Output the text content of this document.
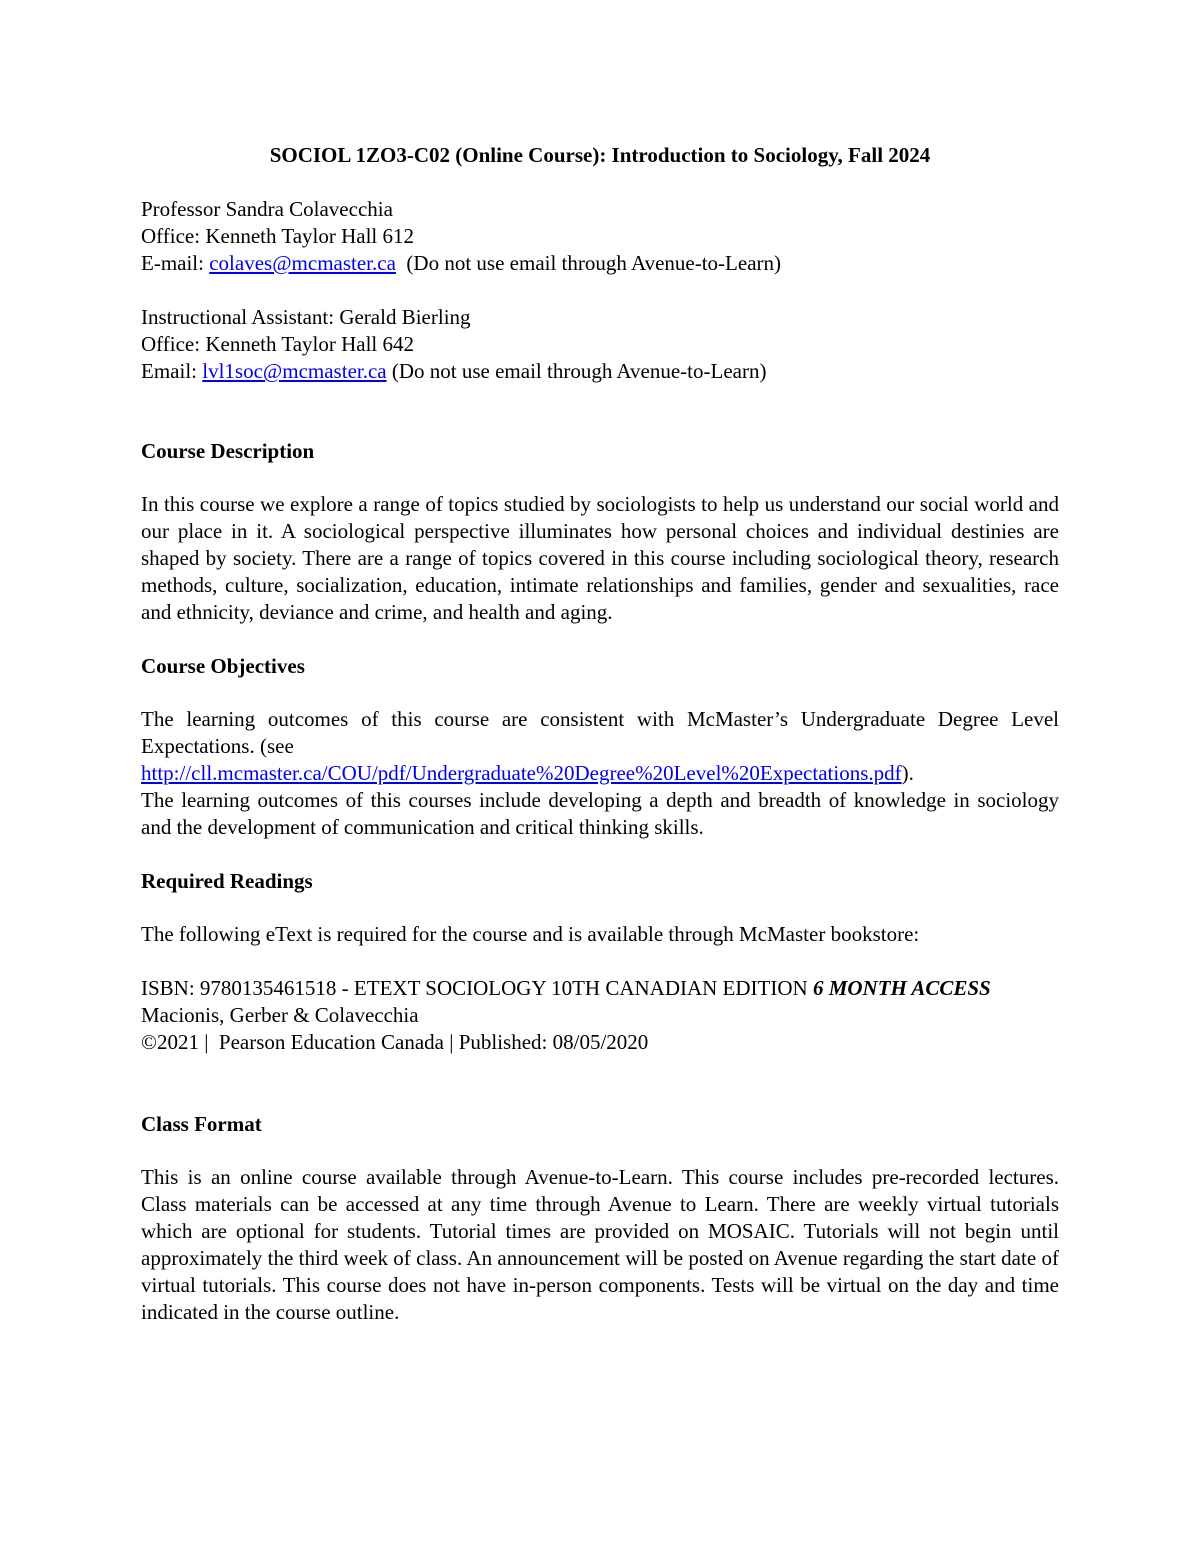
SOCIOL 1ZO3-C02 (Online Course): Introduction to Sociology, Fall 2024

Professor Sandra Colavecchia
Office: Kenneth Taylor Hall 612
E-mail: colaves@mcmaster.ca  (Do not use email through Avenue-to-Learn)
Instructional Assistant: Gerald Bierling
Office: Kenneth Taylor Hall 642
Email: lvl1soc@mcmaster.ca (Do not use email through Avenue-to-Learn)

Course Description

In this course we explore a range of topics studied by sociologists to help us understand our social world and our place in it. A sociological perspective illuminates how personal choices and individual destinies are shaped by society. There are a range of topics covered in this course including sociological theory, research methods, culture, socialization, education, intimate relationships and families, gender and sexualities, race and ethnicity, deviance and crime, and health and aging.

Course Objectives

The learning outcomes of this course are consistent with McMaster’s Undergraduate Degree Level Expectations. (see

http://cll.mcmaster.ca/COU/pdf/Undergraduate%20Degree%20Level%20Expectations.pdf).

The learning outcomes of this courses include developing a depth and breadth of knowledge in sociology and the development of communication and critical thinking skills.

Required Readings

The following eText is required for the course and is available through McMaster bookstore:

ISBN: 9780135461518 - ETEXT SOCIOLOGY 10TH CANADIAN EDITION 6 MONTH ACCESS

Macionis, Gerber & Colavecchia
©2021 |  Pearson Education Canada | Published: 08/05/2020

Class Format

This is an online course available through Avenue-to-Learn. This course includes pre-recorded lectures. Class materials can be accessed at any time through Avenue to Learn. There are weekly virtual tutorials which are optional for students. Tutorial times are provided on MOSAIC. Tutorials will not begin until approximately the third week of class. An announcement will be posted on Avenue regarding the start date of virtual tutorials. This course does not have in-person components. Tests will be virtual on the day and time indicated in the course outline.
